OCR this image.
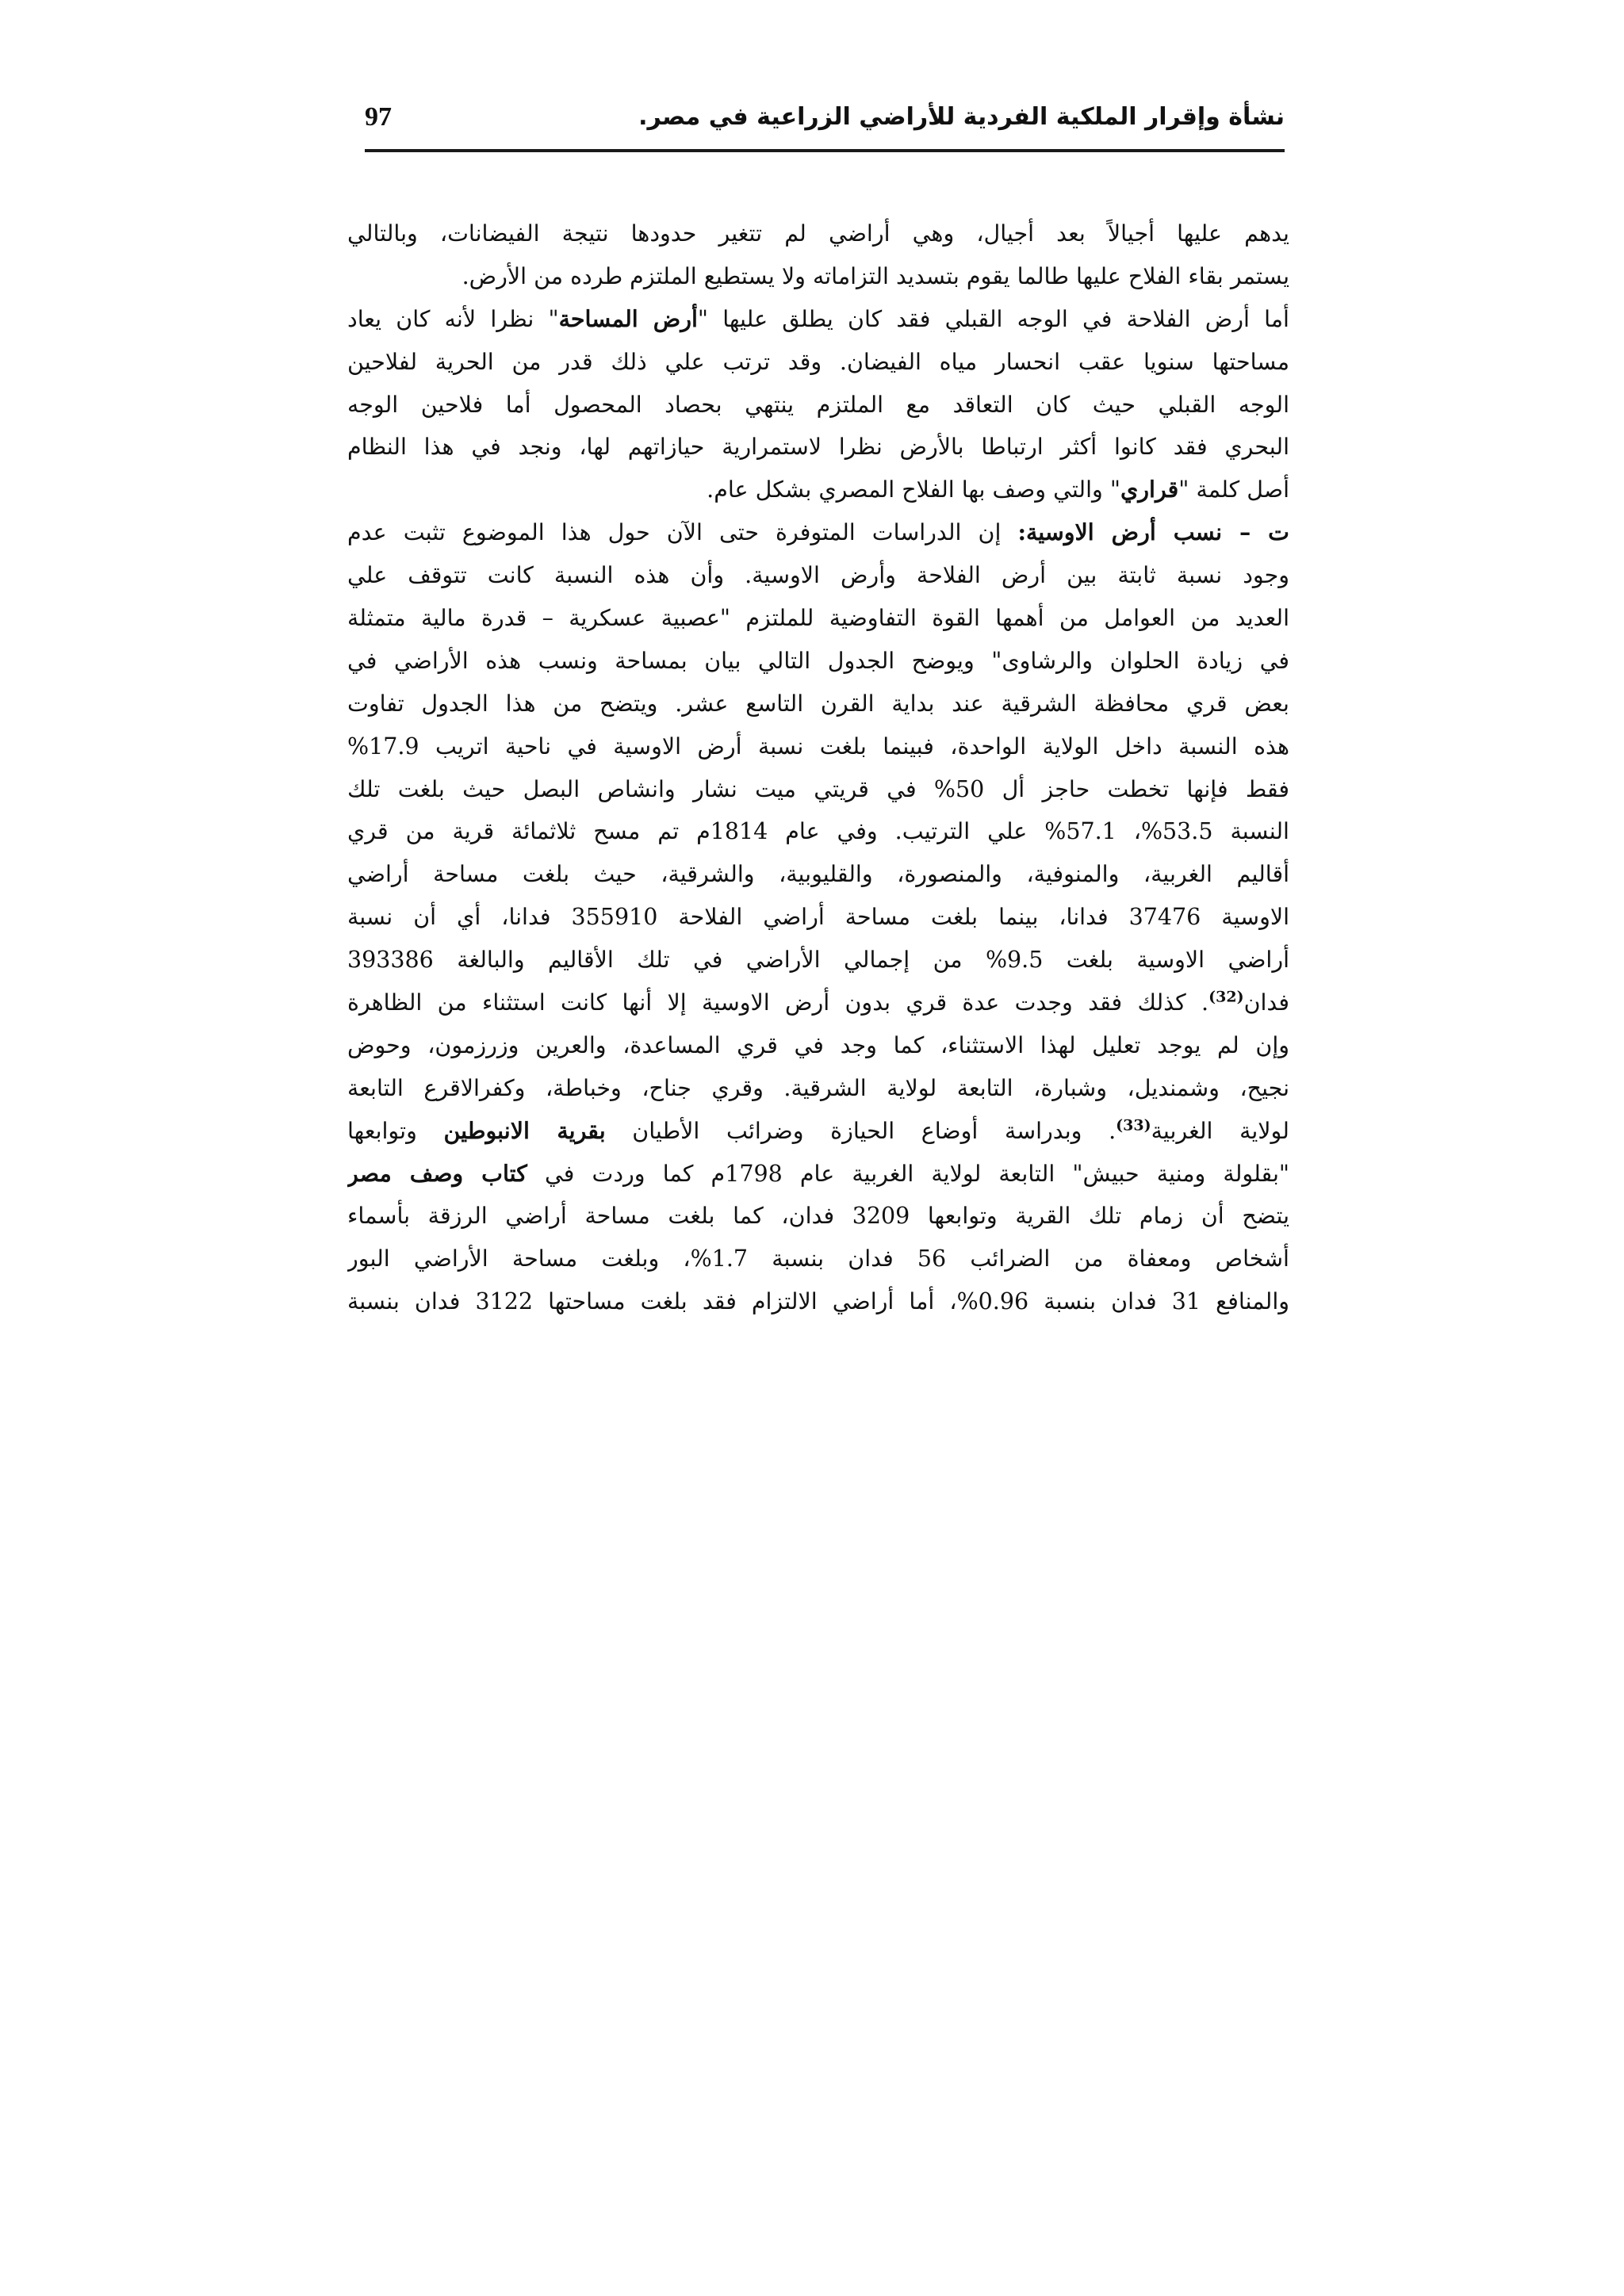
نشأة وإقرار الملكية الفردية للأراضي الزراعية في مصر.
97
يدهم عليها أجيالاً بعد أجيال، وهي أراضي لم تتغير حدودها نتيجة الفيضانات، وبالتالي
يستمر بقاء الفلاح عليها طالما يقوم بتسديد التزاماته ولا يستطيع الملتزم طرده من الأرض.
أما أرض الفلاحة في الوجه القبلي فقد كان يطلق عليها "أرض المساحة" نظرا لأنه كان يعاد
مساحتها سنويا عقب انحسار مياه الفيضان. وقد ترتب علي ذلك قدر من الحرية لفلاحين
الوجه القبلي حيث كان التعاقد مع الملتزم ينتهي بحصاد المحصول أما فلاحين الوجه
البحري فقد كانوا أكثر ارتباطا بالأرض نظرا لاستمرارية حيازاتهم لها، ونجد في هذا النظام
أصل كلمة "قراري" والتي وصف بها الفلاح المصري بشكل عام.
ت – نسب أرض الاوسية: إن الدراسات المتوفرة حتى الآن حول هذا الموضوع تثبت عدم
وجود نسبة ثابتة بين أرض الفلاحة وأرض الاوسية. وأن هذه النسبة كانت تتوقف علي
العديد من العوامل من أهمها القوة التفاوضية للملتزم "عصبية عسكرية – قدرة مالية متمثلة
في زيادة الحلوان والرشاوى" ويوضح الجدول التالي بيان بمساحة ونسب هذه الأراضي في
بعض قري محافظة الشرقية عند بداية القرن التاسع عشر. ويتضح من هذا الجدول تفاوت
هذه النسبة داخل الولاية الواحدة، فبينما بلغت نسبة أرض الاوسية في ناحية اتريب 17.9%
فقط فإنها تخطت حاجز أل 50% في قريتي ميت نشار وانشاص البصل حيث بلغت تلك
النسبة 53.5%، 57.1% علي الترتيب. وفي عام 1814م تم مسح ثلاثمائة قرية من قري
أقاليم الغربية، والمنوفية، والمنصورة، والقليوبية، والشرقية، حيث بلغت مساحة أراضي
الاوسية 37476 فدانا، بينما بلغت مساحة أراضي الفلاحة 355910 فدانا، أي أن نسبة
أراضي الاوسية بلغت 9.5% من إجمالي الأراضي في تلك الأقاليم والبالغة 393386
فدان$^{(32)}$. كذلك فقد وجدت عدة قري بدون أرض الاوسية إلا أنها كانت استثناء من الظاهرة
وإن لم يوجد تعليل لهذا الاستثناء، كما وجد في قري المساعدة، والعرين وزرزمون، وحوض
نجيح، وشمنديل، وشبارة، التابعة لولاية الشرقية. وقري جناح، وخباطة، وكفرالاقرع التابعة
لولاية الغربية$^{(33)}$. وبدراسة أوضاع الحيازة وضرائب الأطيان بقرية الانبوطين وتوابعها
"بقلولة ومنية حبيش" التابعة لولاية الغربية عام 1798م كما وردت في كتاب وصف مصر
يتضح أن زمام تلك القرية وتوابعها 3209 فدان، كما بلغت مساحة أراضي الرزقة بأسماء
أشخاص ومعفاة من الضرائب 56 فدان بنسبة 1.7%، وبلغت مساحة الأراضي البور
والمنافع 31 فدان بنسبة 0.96%، أما أراضي الالتزام فقد بلغت مساحتها 3122 فدان بنسبة
